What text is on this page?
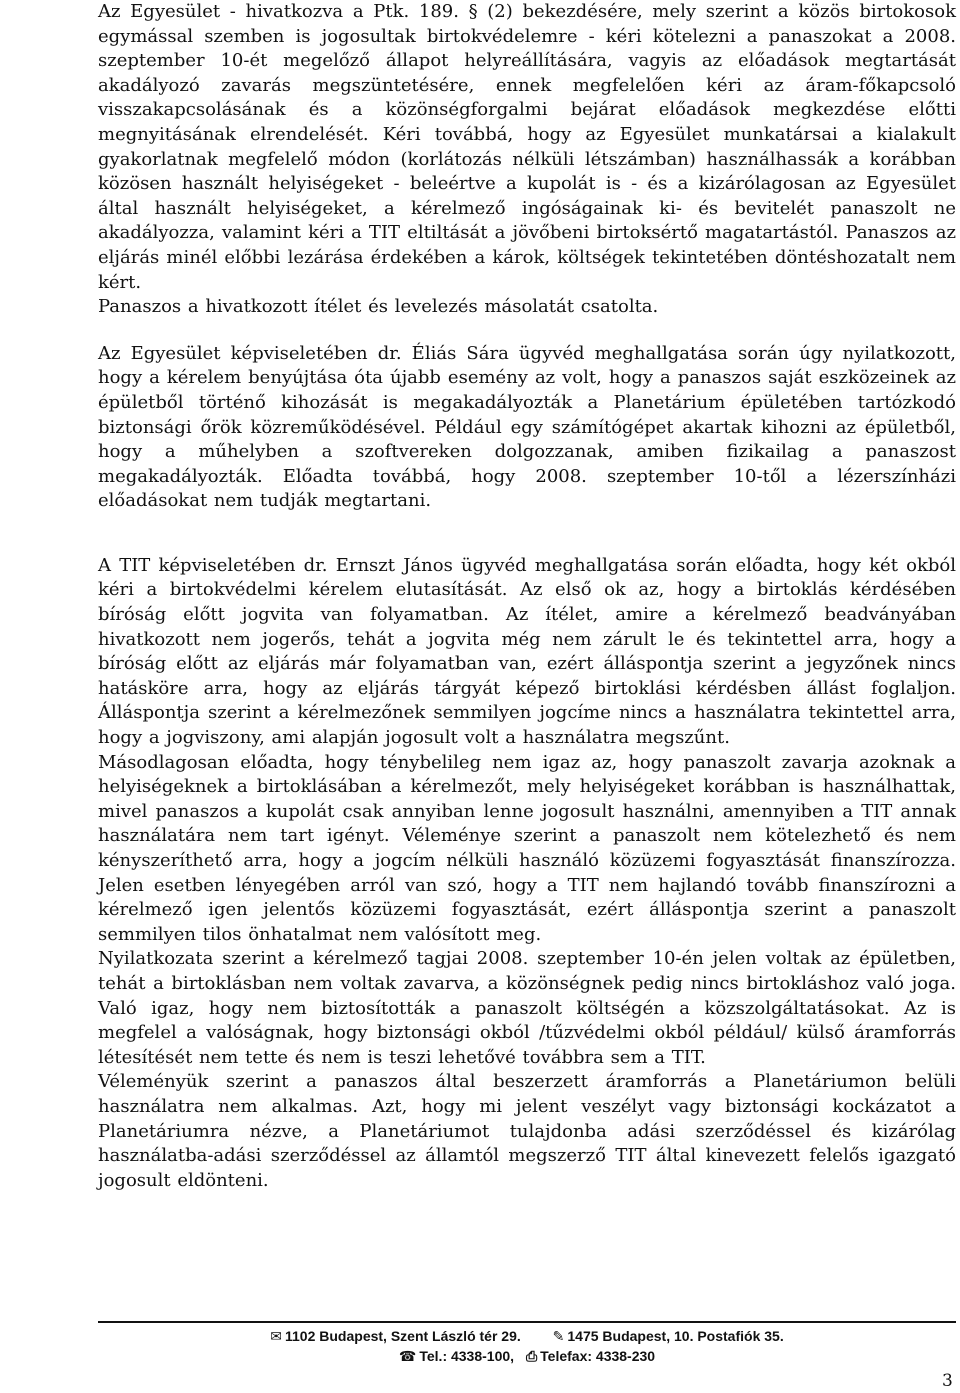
Az Egyesület - hivatkozva a Ptk. 189. § (2) bekezdésére, mely szerint a közös birtokosok egymással szemben is jogosultak birtokvédelemre - kéri kötelezni a panaszokat a 2008. szeptember 10-ét megelőző állapot helyreállítására, vagyis az előadások megtartását akadályozó zavarás megszüntetésére, ennek megfelelően kéri az áram-főkapcsoló visszakapcsolásának és a közönségforgalmi bejárat előadások megkezdése előtti megnyitásának elrendelését. Kéri továbbá, hogy az Egyesület munkatársai a kialakult gyakorlatnak megfelelő módon (korlátozás nélküli létszámban) használhassák a korábban közösen használt helyiségeket - beleértve a kupolát is - és a kizárólagosan az Egyesület által használt helyiségeket, a kérelmező ingóságainak ki- és bevitelét panaszolt ne akadályozza, valamint kéri a TIT eltiltását a jövőbeni birtoksértő magatartástól. Panaszos az eljárás minél előbbi lezárása érdekében a károk, költségek tekintetében döntéshozatalt nem kért.

Panaszos a hivatkozott ítélet és levelezés másolatát csatolta.

Az Egyesület képviseletében dr. Éliás Sára ügyvéd meghallgatása során úgy nyilatkozott, hogy a kérelem benyújtása óta újabb esemény az volt, hogy a panaszos saját eszközeinek az épületből történő kihozását is megakadályozták a Planetárium épületében tartózkodó biztonsági őrök közreműködésével. Például egy számítógépet akartak kihozni az épületből, hogy a műhelyben a szoftvereken dolgozzanak, amiben fizikailag a panaszost megakadályozták. Előadta továbbá, hogy 2008. szeptember 10-től a lézerszínházi előadásokat nem tudják megtartani.

A TIT képviseletében dr. Ernszt János ügyvéd meghallgatása során előadta, hogy két okból kéri a birtokvédelmi kérelem elutasítását. Az első ok az, hogy a birtoklás kérdésében bíróság előtt jogvita van folyamatban. Az ítélet, amire a kérelmező beadványában hivatkozott nem jogerős, tehát a jogvita még nem zárult le és tekintettel arra, hogy a bíróság előtt az eljárás már folyamatban van, ezért álláspontja szerint a jegyzőnek nincs hatásköre arra, hogy az eljárás tárgyát képező birtoklási kérdésben állást foglaljon. Álláspontja szerint a kérelmezőnek semmilyen jogcíme nincs a használatra tekintettel arra, hogy a jogviszony, ami alapján jogosult volt a használatra megszűnt.

Másodlagosan előadta, hogy ténybelileg nem igaz az, hogy panaszolt zavarja azoknak a helyiségeknek a birtoklásában a kérelmezőt, mely helyiségeket korábban is használhattak, mivel panaszos a kupolát csak annyiban lenne jogosult használni, amennyiben a TIT annak használatára nem tart igényt. Véleménye szerint a panaszolt nem kötelezhető és nem kényszeríthető arra, hogy a jogcím nélküli használó közüzemi fogyasztását finanszírozza. Jelen esetben lényegében arról van szó, hogy a TIT nem hajlandó tovább finanszírozni a kérelmező igen jelentős közüzemi fogyasztását, ezért álláspontja szerint a panaszolt semmilyen tilos önhatalmat nem valósított meg.

Nyilatkozata szerint a kérelmező tagjai 2008. szeptember 10-én jelen voltak az épületben, tehát a birtoklásban nem voltak zavarva, a közönségnek pedig nincs birtokláshoz való joga. Való igaz, hogy nem biztosították a panaszolt költségén a közszolgáltatásokat. Az is megfelel a valóságnak, hogy biztonsági okból /tűzvédelmi okból például/ külső áramforrás létesítését nem tette és nem is teszi lehetővé továbbra sem a TIT.

Véleményük szerint a panaszos által beszerzett áramforrás a Planetáriumon belüli használatra nem alkalmas. Azt, hogy mi jelent veszélyt vagy biztonsági kockázatot a Planetáriumra nézve, a Planetáriumot tulajdonba adási szerződéssel és kizárólag használatba-adási szerződéssel az államtól megszerző TIT által kinevezett felelős igazgató jogosult eldönteni.

✉ 1102 Budapest, Szent László tér 29. ✎ 1475 Budapest, 10. Postafiók 35.
☎ Tel.: 4338-100, ⎙ Telefax: 4338-230
3
